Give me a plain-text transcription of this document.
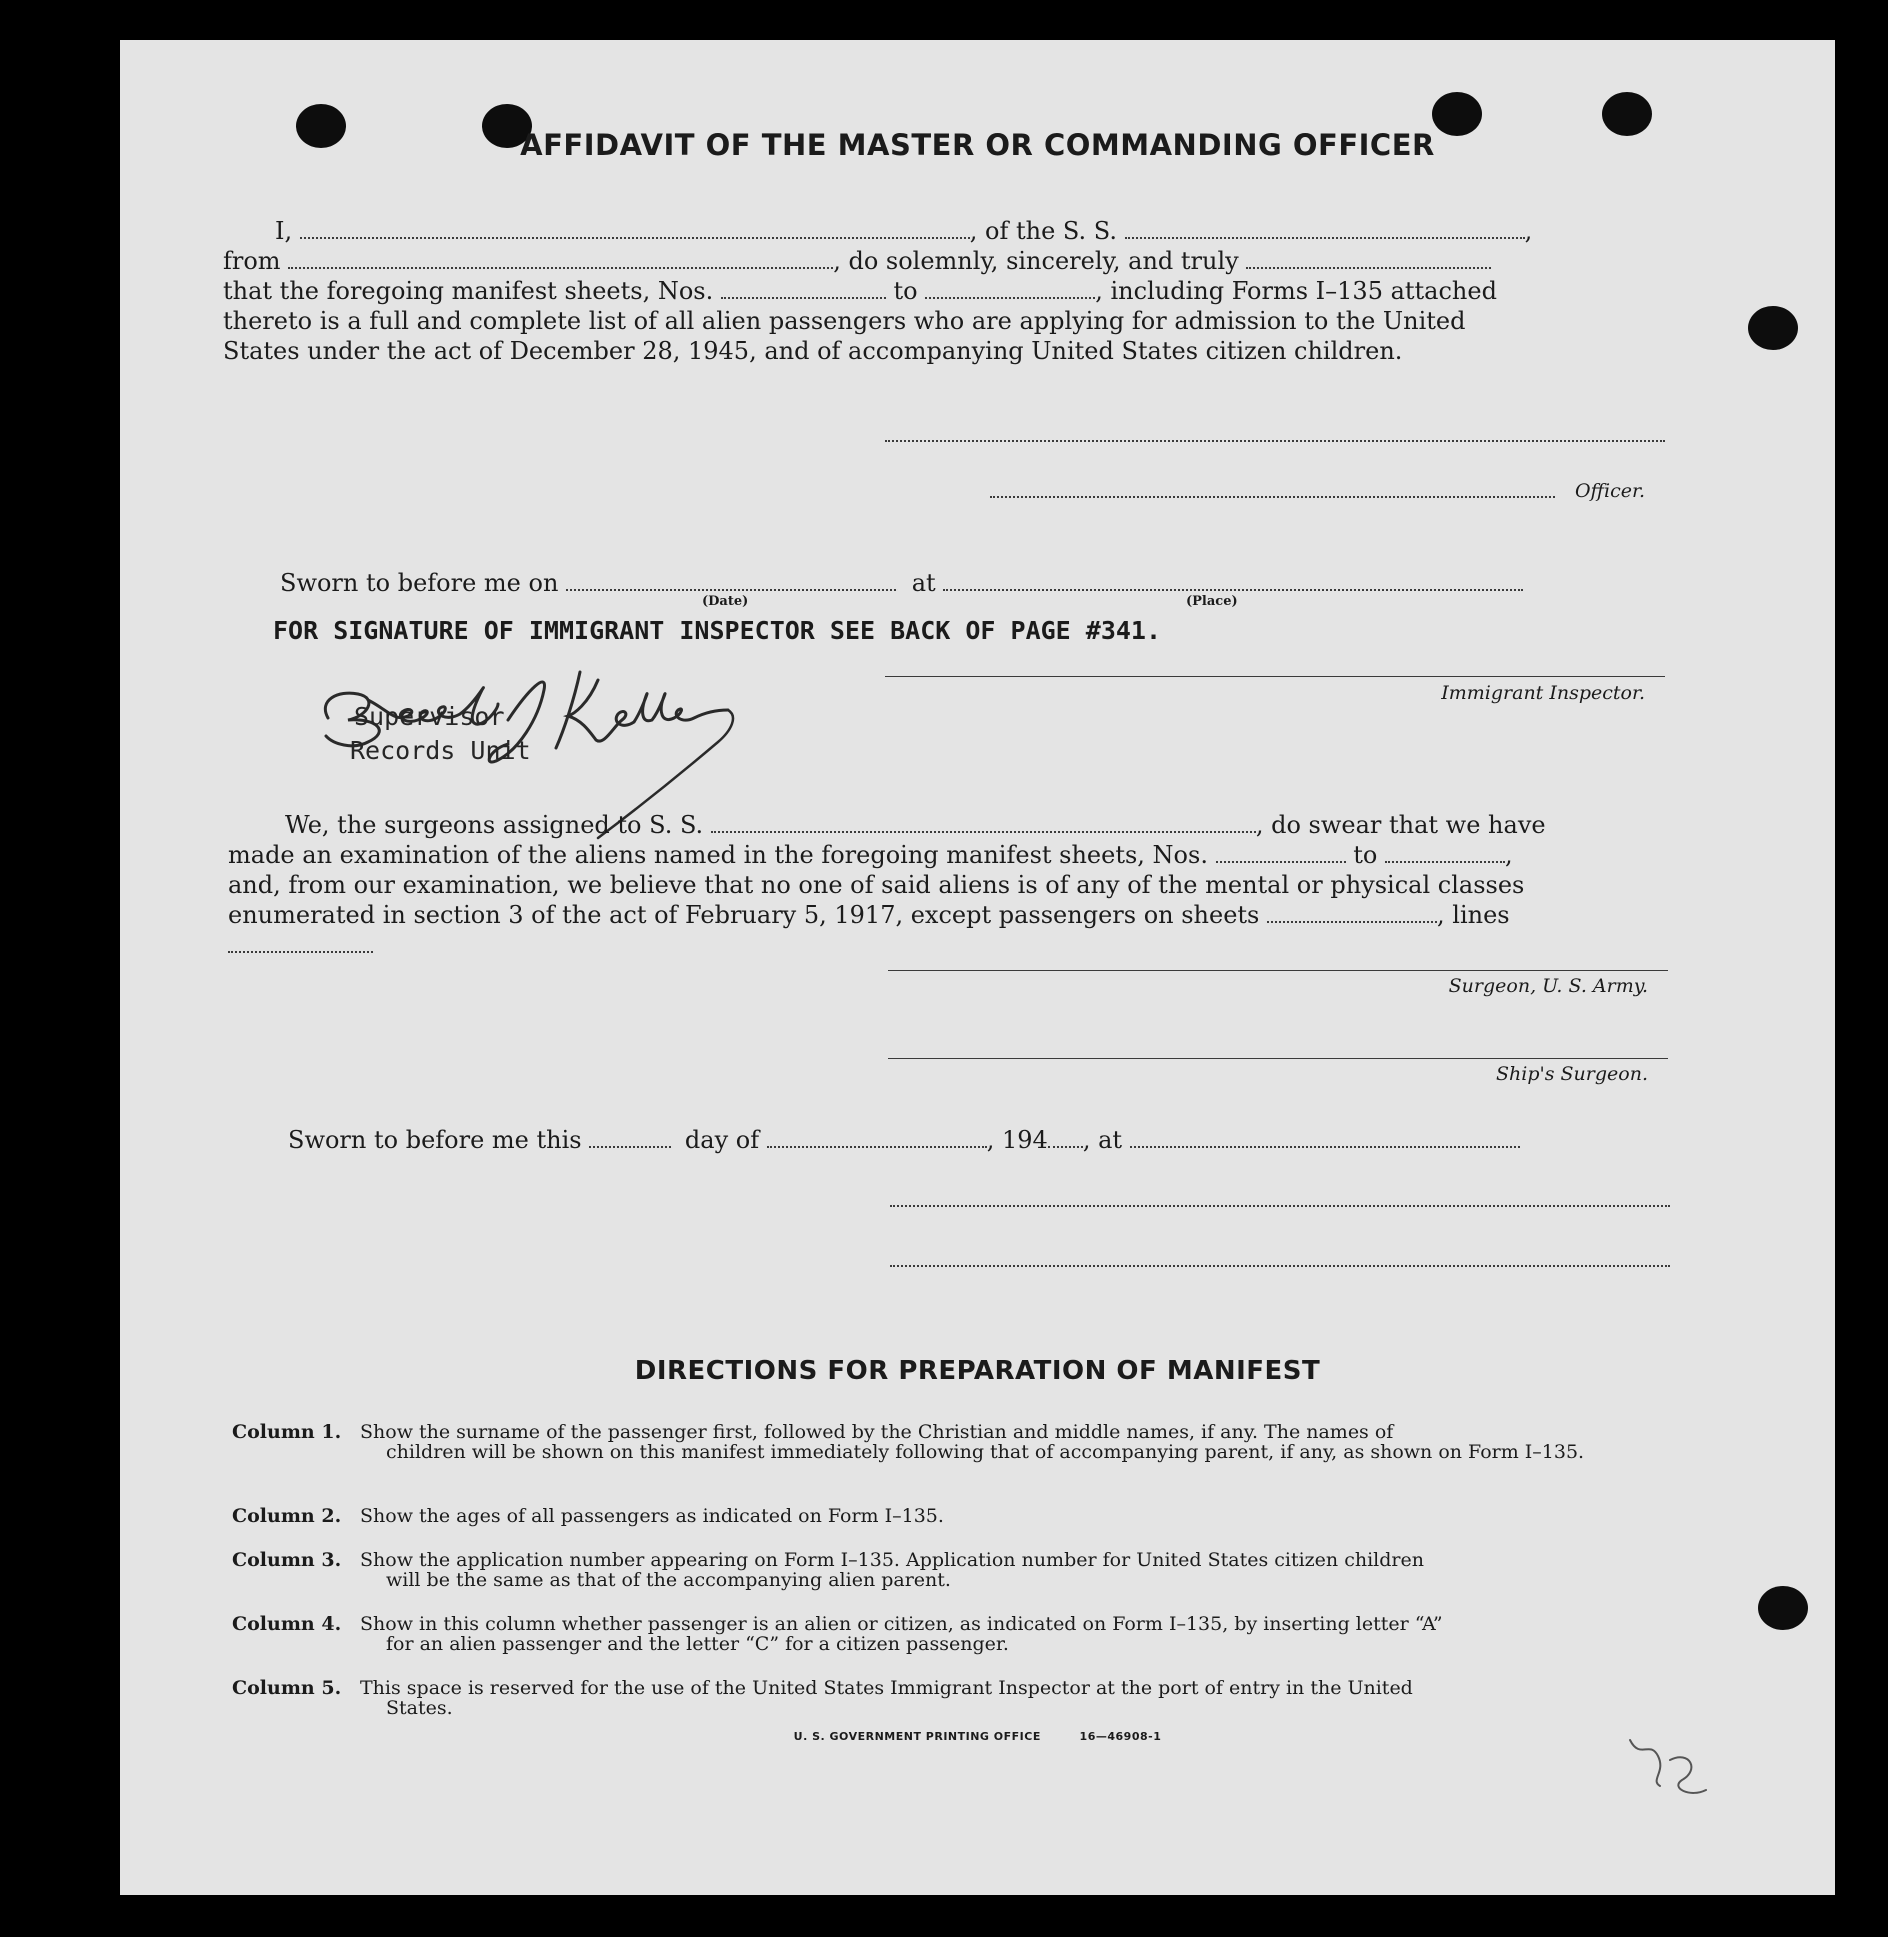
AFFIDAVIT OF THE MASTER OR COMMANDING OFFICER
I,	, of the S. S.	,
from	, do solemnly, sincerely, and truly
that the foregoing manifest sheets, Nos.	to	, including Forms I–135 attached
thereto is a full and complete list of all alien passengers who are applying for admission to the United
States under the act of December 28, 1945, and of accompanying United States citizen children.
Officer.
Sworn to before me on	at
(Date)	(Place)
FOR SIGNATURE OF IMMIGRANT INSPECTOR SEE BACK OF PAGE #341.
Immigrant Inspector.
Bernard J. Keller
Supervisor
Records Unit
We, the surgeons assigned to S. S.	, do swear that we have
made an examination of the aliens named in the foregoing manifest sheets, Nos.	to	,
and, from our examination, we believe that no one of said aliens is of any of the mental or physical classes
enumerated in section 3 of the act of February 5, 1917, except passengers on sheets	, lines
Surgeon, U. S. Army.
Ship's Surgeon.
Sworn to before me this	day of	, 194 , at
DIRECTIONS FOR PREPARATION OF MANIFEST
Column 1. Show the surname of the passenger first, followed by the Christian and middle names, if any. The names of
children will be shown on this manifest immediately following that of accompanying parent, if any, as shown on Form I–135.
Column 2. Show the ages of all passengers as indicated on Form I–135.
Column 3. Show the application number appearing on Form I–135. Application number for United States citizen children
will be the same as that of the accompanying alien parent.
Column 4. Show in this column whether passenger is an alien or citizen, as indicated on Form I–135, by inserting letter “A”
for an alien passenger and the letter “C” for a citizen passenger.
Column 5. This space is reserved for the use of the United States Immigrant Inspector at the port of entry in the United
States.
U. S. GOVERNMENT PRINTING OFFICE	16—46908-1
